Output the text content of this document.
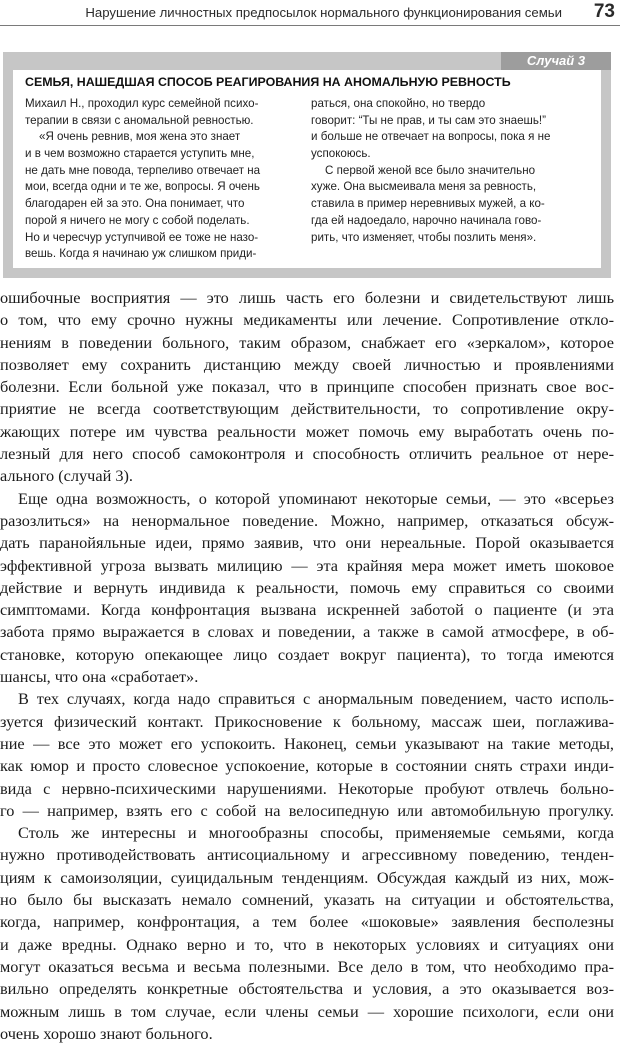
Нарушение личностных предпосылок нормального функционирования семьи 73
Случай 3
СЕМЬЯ, НАШЕДШАЯ СПОСОБ РЕАГИРОВАНИЯ НА АНОМАЛЬНУЮ РЕВНОСТЬ
Михаил Н., проходил курс семейной психо-
терапии в связи с аномальной ревностью.
«Я очень ревнив, моя жена это знает
и в чем возможно старается уступить мне,
не дать мне повода, терпеливо отвечает на
мои, всегда одни и те же, вопросы. Я очень
благодарен ей за это. Она понимает, что
порой я ничего не могу с собой поделать.
Но и чересчур уступчивой ее тоже не назо-
вешь. Когда я начинаю уж слишком приди-
раться, она спокойно, но твердо
говорит: “Ты не прав, и ты сам это знаешь!”
и больше не отвечает на вопросы, пока я не
успокоюсь.
С первой женой все было значительно
хуже. Она высмеивала меня за ревность,
ставила в пример неревнивых мужей, а ко-
гда ей надоедало, нарочно начинала гово-
рить, что изменяет, чтобы позлить меня».
ошибочные восприятия — это лишь часть его болезни и свидетельствуют лишь
о том, что ему срочно нужны медикаменты или лечение. Сопротивление откло-
нениям в поведении больного, таким образом, снабжает его «зеркалом», которое
позволяет ему сохранить дистанцию между своей личностью и проявлениями
болезни. Если больной уже показал, что в принципе способен признать свое вос-
приятие не всегда соответствующим действительности, то сопротивление окру-
жающих потере им чувства реальности может помочь ему выработать очень по-
лезный для него способ самоконтроля и способность отличить реальное от нере-
ального (случай 3).
Еще одна возможность, о которой упоминают некоторые семьи, — это «всерьез
разозлиться» на ненормальное поведение. Можно, например, отказаться обсуж-
дать паранойяльные идеи, прямо заявив, что они нереальные. Порой оказывается
эффективной угроза вызвать милицию — эта крайняя мера может иметь шоковое
действие и вернуть индивида к реальности, помочь ему справиться со своими
симптомами. Когда конфронтация вызвана искренней заботой о пациенте (и эта
забота прямо выражается в словах и поведении, а также в самой атмосфере, в об-
становке, которую опекающее лицо создает вокруг пациента), то тогда имеются
шансы, что она «сработает».
В тех случаях, когда надо справиться с анормальным поведением, часто исполь-
зуется физический контакт. Прикосновение к больному, массаж шеи, поглажива-
ние — все это может его успокоить. Наконец, семьи указывают на такие методы,
как юмор и просто словесное успокоение, которые в состоянии снять страхи инди-
вида с нервно-психическими нарушениями. Некоторые пробуют отвлечь больно-
го — например, взять его с собой на велосипедную или автомобильную прогулку.
Столь же интересны и многообразны способы, применяемые семьями, когда
нужно противодействовать антисоциальному и агрессивному поведению, тенден-
циям к самоизоляции, суицидальным тенденциям. Обсуждая каждый из них, мож-
но было бы высказать немало сомнений, указать на ситуации и обстоятельства,
когда, например, конфронтация, а тем более «шоковые» заявления бесполезны
и даже вредны. Однако верно и то, что в некоторых условиях и ситуациях они
могут оказаться весьма и весьма полезными. Все дело в том, что необходимо пра-
вильно определять конкретные обстоятельства и условия, а это оказывается воз-
можным лишь в том случае, если члены семьи — хорошие психологи, если они
очень хорошо знают больного.
